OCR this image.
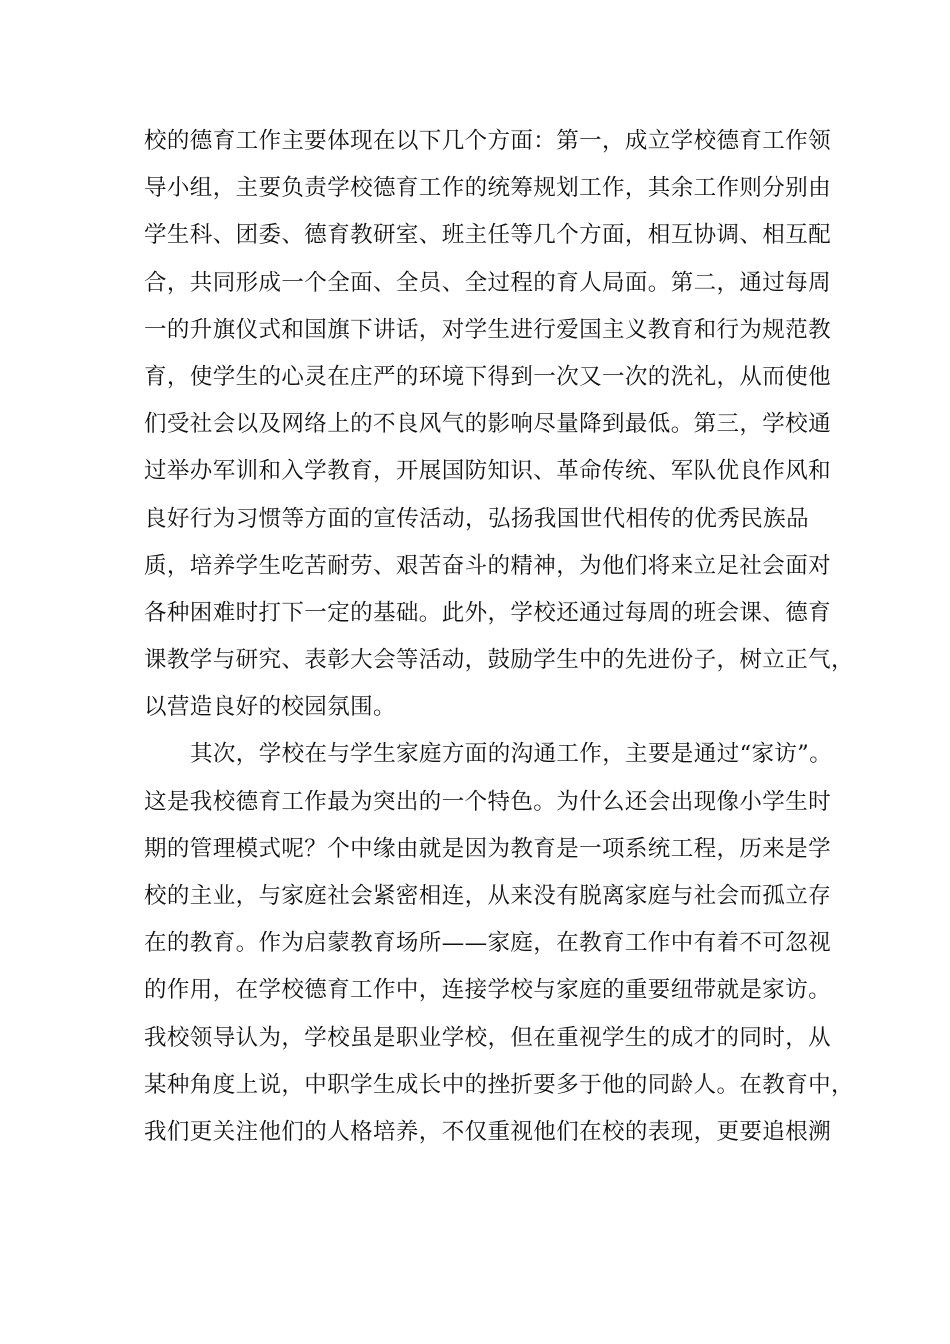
校的德育工作主要体现在以下几个方面：第一，成立学校德育工作领
导小组，主要负责学校德育工作的统筹规划工作，其余工作则分别由
学生科、团委、德育教研室、班主任等几个方面，相互协调、相互配
合，共同形成一个全面、全员、全过程的育人局面。第二，通过每周
一的升旗仪式和国旗下讲话，对学生进行爱国主义教育和行为规范教
育，使学生的心灵在庄严的环境下得到一次又一次的洗礼，从而使他
们受社会以及网络上的不良风气的影响尽量降到最低。第三，学校通
过举办军训和入学教育，开展国防知识、革命传统、军队优良作风和
良好行为习惯等方面的宣传活动，弘扬我国世代相传的优秀民族品
质，培养学生吃苦耐劳、艰苦奋斗的精神，为他们将来立足社会面对
各种困难时打下一定的基础。此外，学校还通过每周的班会课、德育
课教学与研究、表彰大会等活动，鼓励学生中的先进份子，树立正气，
以营造良好的校园氛围。
其次，学校在与学生家庭方面的沟通工作，主要是通过“家访”。
这是我校德育工作最为突出的一个特色。为什么还会出现像小学生时
期的管理模式呢？个中缘由就是因为教育是一项系统工程，历来是学
校的主业，与家庭社会紧密相连，从来没有脱离家庭与社会而孤立存
在的教育。作为启蒙教育场所——家庭，在教育工作中有着不可忽视
的作用，在学校德育工作中，连接学校与家庭的重要纽带就是家访。
我校领导认为，学校虽是职业学校，但在重视学生的成才的同时，从
某种角度上说，中职学生成长中的挫折要多于他的同龄人。在教育中，
我们更关注他们的人格培养，不仅重视他们在校的表现，更要追根溯
